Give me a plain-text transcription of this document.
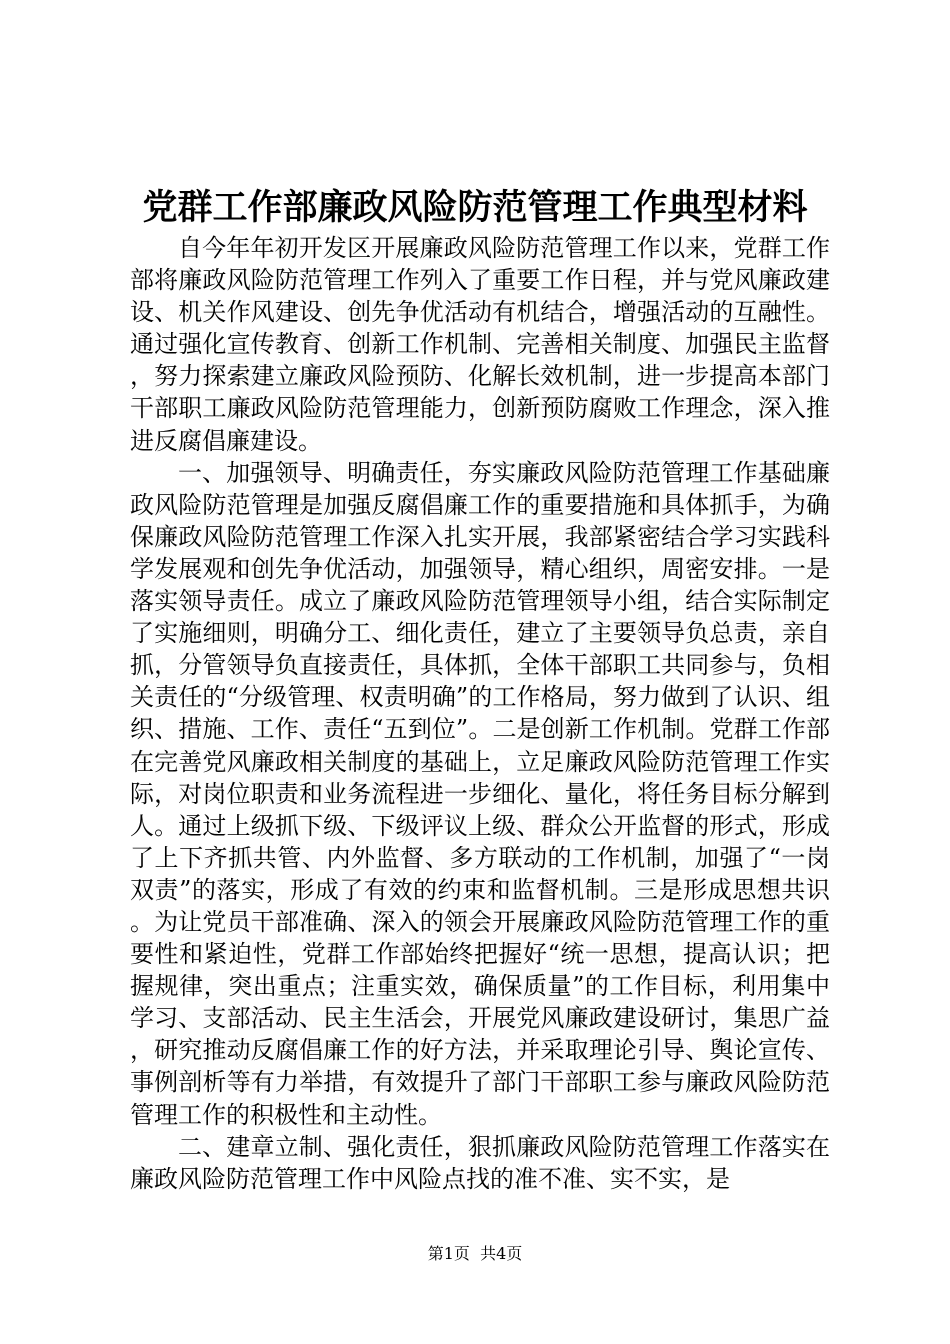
党群工作部廉政风险防范管理工作典型材料

自今年年初开发区开展廉政风险防范管理工作以来，党群工作部将廉政风险防范管理工作列入了重要工作日程，并与党风廉政建设、机关作风建设、创先争优活动有机结合，增强活动的互融性。通过强化宣传教育、创新工作机制、完善相关制度、加强民主监督，努力探索建立廉政风险预防、化解长效机制，进一步提高本部门干部职工廉政风险防范管理能力，创新预防腐败工作理念，深入推进反腐倡廉建设。

一、加强领导、明确责任，夯实廉政风险防范管理工作基础廉政风险防范管理是加强反腐倡廉工作的重要措施和具体抓手，为确保廉政风险防范管理工作深入扎实开展，我部紧密结合学习实践科学发展观和创先争优活动，加强领导，精心组织，周密安排。一是落实领导责任。成立了廉政风险防范管理领导小组，结合实际制定了实施细则，明确分工、细化责任，建立了主要领导负总责，亲自抓，分管领导负直接责任，具体抓，全体干部职工共同参与，负相关责任的“分级管理、权责明确”的工作格局，努力做到了认识、组织、措施、工作、责任“五到位”。二是创新工作机制。党群工作部在完善党风廉政相关制度的基础上，立足廉政风险防范管理工作实际，对岗位职责和业务流程进一步细化、量化，将任务目标分解到人。通过上级抓下级、下级评议上级、群众公开监督的形式，形成了上下齐抓共管、内外监督、多方联动的工作机制，加强了“一岗双责”的落实，形成了有效的约束和监督机制。三是形成思想共识。为让党员干部准确、深入的领会开展廉政风险防范管理工作的重要性和紧迫性，党群工作部始终把握好“统一思想，提高认识；把握规律，突出重点；注重实效，确保质量”的工作目标，利用集中学习、支部活动、民主生活会，开展党风廉政建设研讨，集思广益，研究推动反腐倡廉工作的好方法，并采取理论引导、舆论宣传、事例剖析等有力举措，有效提升了部门干部职工参与廉政风险防范管理工作的积极性和主动性。

二、建章立制、强化责任，狠抓廉政风险防范管理工作落实在廉政风险防范管理工作中风险点找的准不准、实不实，是

第1页 共4页
